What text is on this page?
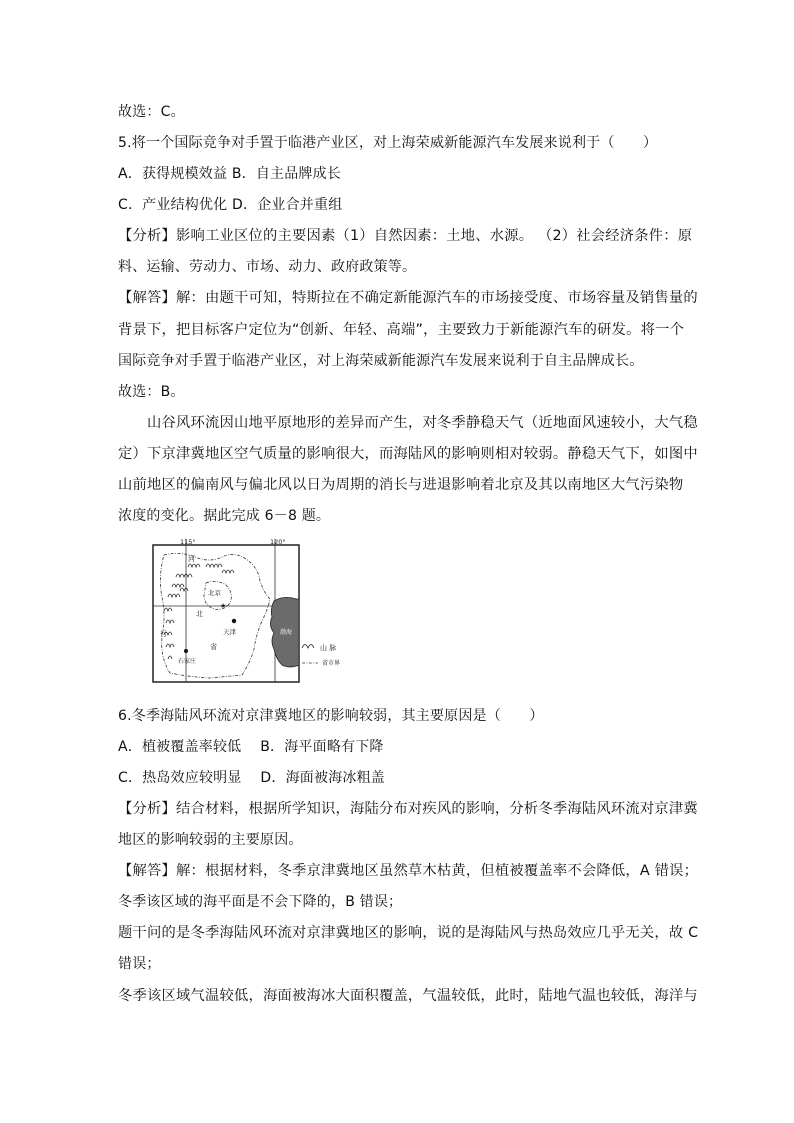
故选：C。
5.将一个国际竞争对手置于临港产业区，对上海荣威新能源汽车发展来说利于（　　）
A．获得规模效益 B．自主品牌成长
C．产业结构优化 D．企业合并重组
【分析】影响工业区位的主要因素（1）自然因素：土地、水源。 （2）社会经济条件：原
料、运输、劳动力、市场、动力、政府政策等。
【解答】解：由题干可知，特斯拉在不确定新能源汽车的市场接受度、市场容量及销售量的
背景下，把目标客户定位为“创新、年轻、高端”，主要致力于新能源汽车的研发。将一个
国际竞争对手置于临港产业区，对上海荣威新能源汽车发展来说利于自主品牌成长。
故选：B。
山谷风环流因山地平原地形的差异而产生，对冬季静稳天气（近地面风速较小，大气稳
定）下京津冀地区空气质量的影响很大，而海陆风的影响则相对较弱。静稳天气下，如图中
山前地区的偏南风与偏北风以日为周期的消长与进退影响着北京及其以南地区大气污染物
浓度的变化。据此完成 6－8 题。
115°	120°
河
北
北京
★
天津
省
行
石家庄
渤海
山 脉
省市界
6.冬季海陆风环流对京津冀地区的影响较弱，其主要原因是（　　）
A．植被覆盖率较低　 B．海平面略有下降
C．热岛效应较明显　 D．海面被海冰粗盖
【分析】结合材料，根据所学知识，海陆分布对疾风的影响，分析冬季海陆风环流对京津冀
地区的影响较弱的主要原因。
【解答】解：根据材料，冬季京津冀地区虽然草木枯黄，但植被覆盖率不会降低，A 错误；
冬季该区域的海平面是不会下降的，B 错误；
题干问的是冬季海陆风环流对京津冀地区的影响，说的是海陆风与热岛效应几乎无关，故 C
错误；
冬季该区域气温较低，海面被海冰大面积覆盖，气温较低，此时，陆地气温也较低，海洋与
